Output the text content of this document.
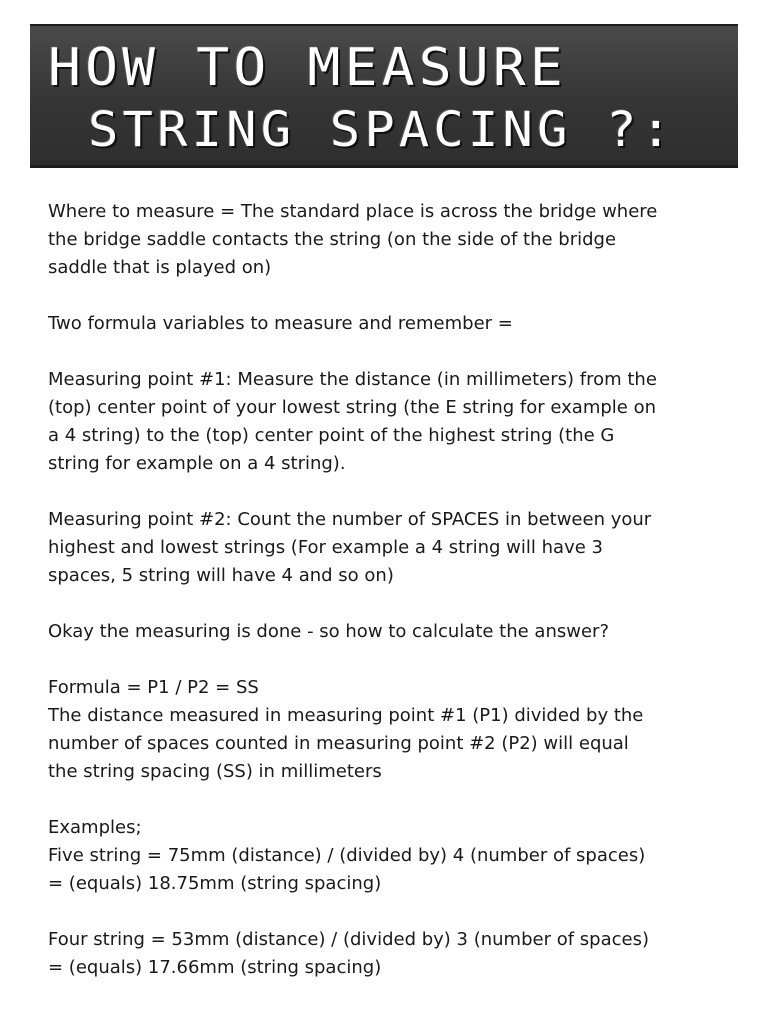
HOW TO MEASURE
STRING SPACING ?:

Where to measure = The standard place is across the bridge where
the bridge saddle contacts the string (on the side of the bridge
saddle that is played on)

Two formula variables to measure and remember =

Measuring point #1: Measure the distance (in millimeters) from the
(top) center point of your lowest string (the E string for example on
a 4 string) to the (top) center point of the highest string (the G
string for example on a 4 string).

Measuring point #2: Count the number of SPACES in between your
highest and lowest strings (For example a 4 string will have 3
spaces, 5 string will have 4 and so on)

Okay the measuring is done - so how to calculate the answer?

Formula = P1 / P2 = SS
The distance measured in measuring point #1 (P1) divided by the
number of spaces counted in measuring point #2 (P2) will equal
the string spacing (SS) in millimeters

Examples;
Five string = 75mm (distance) / (divided by) 4 (number of spaces)
= (equals) 18.75mm (string spacing)

Four string = 53mm (distance) / (divided by) 3 (number of spaces)
= (equals) 17.66mm (string spacing)
